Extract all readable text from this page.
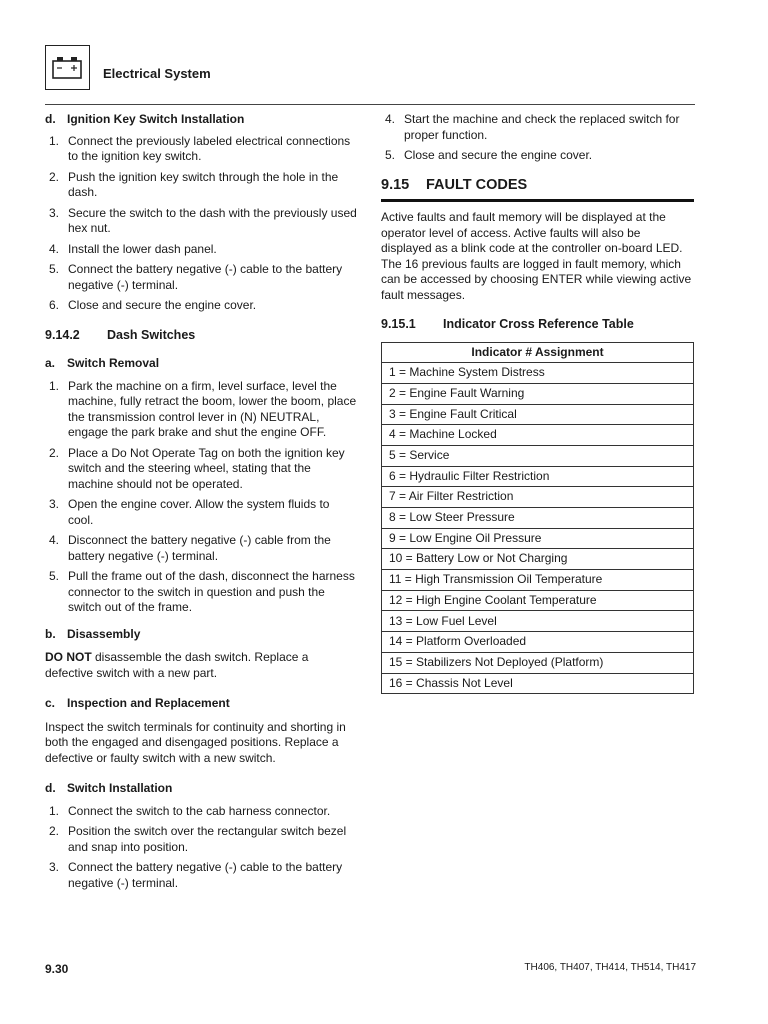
Electrical System

d. Ignition Key Switch Installation

1. Connect the previously labeled electrical connections to the ignition key switch.
2. Push the ignition key switch through the hole in the dash.
3. Secure the switch to the dash with the previously used hex nut.
4. Install the lower dash panel.
5. Connect the battery negative (-) cable to the battery negative (-) terminal.
6. Close and secure the engine cover.

9.14.2 Dash Switches

a. Switch Removal

1. Park the machine on a firm, level surface, level the machine, fully retract the boom, lower the boom, place the transmission control lever in (N) NEUTRAL, engage the park brake and shut the engine OFF.
2. Place a Do Not Operate Tag on both the ignition key switch and the steering wheel, stating that the machine should not be operated.
3. Open the engine cover. Allow the system fluids to cool.
4. Disconnect the battery negative (-) cable from the battery negative (-) terminal.
5. Pull the frame out of the dash, disconnect the harness connector to the switch in question and push the switch out of the frame.

b. Disassembly

DO NOT disassemble the dash switch. Replace a defective switch with a new part.

c. Inspection and Replacement

Inspect the switch terminals for continuity and shorting in both the engaged and disengaged positions. Replace a defective or faulty switch with a new switch.

d. Switch Installation

1. Connect the switch to the cab harness connector.
2. Position the switch over the rectangular switch bezel and snap into position.
3. Connect the battery negative (-) cable to the battery negative (-) terminal.
4. Start the machine and check the replaced switch for proper function.
5. Close and secure the engine cover.

9.15 FAULT CODES

Active faults and fault memory will be displayed at the operator level of access. Active faults will also be displayed as a blink code at the controller on-board LED. The 16 previous faults are logged in fault memory, which can be accessed by choosing ENTER while viewing active fault messages.

9.15.1 Indicator Cross Reference Table

Indicator # Assignment
1 = Machine System Distress
2 = Engine Fault Warning
3 = Engine Fault Critical
4 = Machine Locked
5 = Service
6 = Hydraulic Filter Restriction
7 = Air Filter Restriction
8 = Low Steer Pressure
9 = Low Engine Oil Pressure
10 = Battery Low or Not Charging
11 = High Transmission Oil Temperature
12 = High Engine Coolant Temperature
13 = Low Fuel Level
14 = Platform Overloaded
15 = Stabilizers Not Deployed (Platform)
16 = Chassis Not Level
9.30	TH406, TH407, TH414, TH514, TH417
